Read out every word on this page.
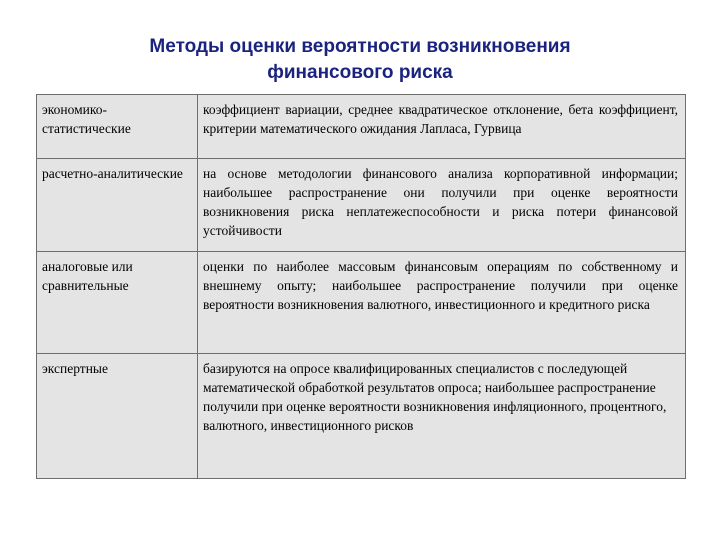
Методы оценки вероятности возникновения
финансового риска
экономико-статистические	коэффициент вариации, среднее квадратическое отклонение, бета коэффициент, критерии математического ожидания Лапласа, Гурвица
расчетно-аналитические	на основе методологии финансового анализа корпоративной информации; наибольшее распространение они получили при оценке вероятности возникновения риска неплатежеспособности и риска потери финансовой устойчивости
аналоговые или сравнительные	оценки по наиболее массовым финансовым операциям по собственному и внешнему опыту; наибольшее распространение получили при оценке вероятности возникновения валютного, инвестиционного и кредитного риска
экспертные	базируются на опросе квалифицированных специалистов с последующей математической обработкой результатов опроса; наибольшее распространение получили при оценке вероятности возникновения инфляционного, процентного, валютного, инвестиционного рисков
